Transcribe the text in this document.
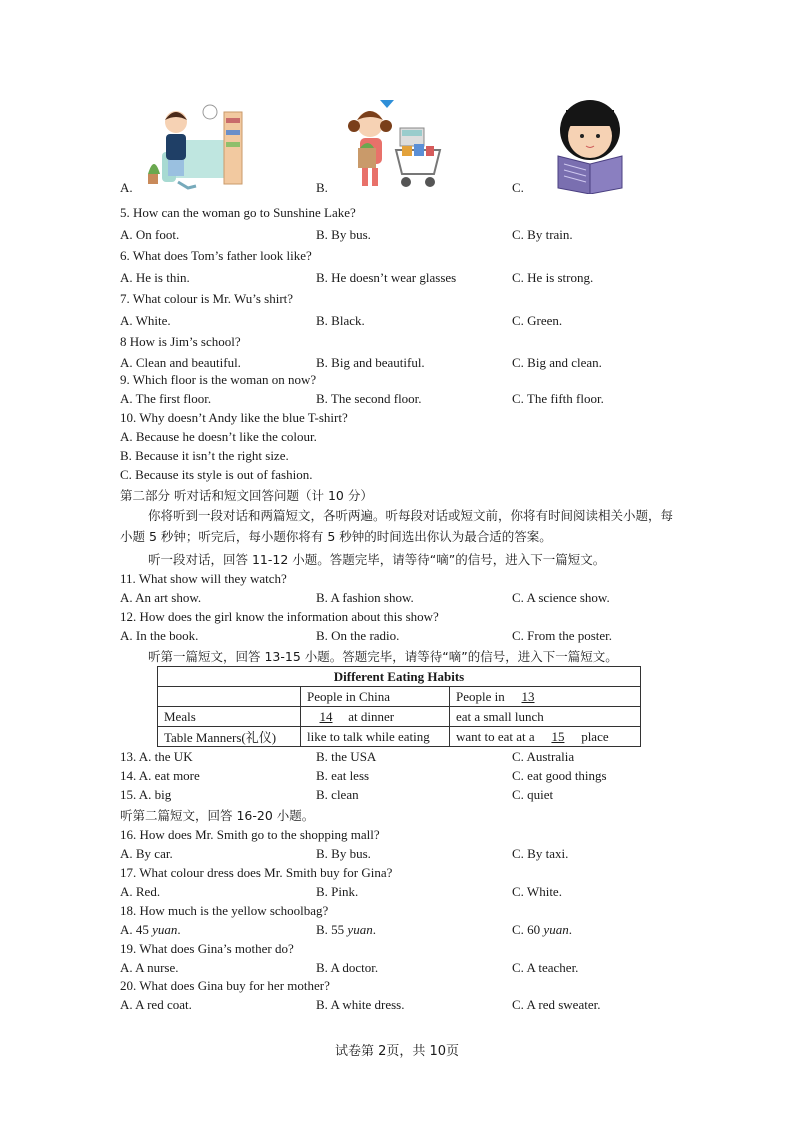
A.	B.	C.
5. How can the woman go to Sunshine Lake?
A. On foot.	B. By bus.	C. By train.
6. What does Tom’s father look like?
A. He is thin.	B. He doesn’t wear glasses	C. He is strong.
7. What colour is Mr. Wu’s shirt?
A. White.	B. Black.	C. Green.
8 How is Jim’s school?
A. Clean and beautiful.	B. Big and beautiful.	C. Big and clean.
9. Which floor is the woman on now?
A. The first floor.	B. The second floor.	C. The fifth floor.
10. Why doesn’t Andy like the blue T-shirt?
A. Because he doesn’t like the colour.
B. Because it isn’t the right size.
C. Because its style is out of fashion.
第二部分 听对话和短文回答问题（计 10 分）
你将听到一段对话和两篇短文，各听两遍。听每段对话或短文前，你将有时间阅读相关小题，每小题 5 秒钟；听完后，每小题你将有 5 秒钟的时间选出你认为最合适的答案。
听一段对话，回答 11-12 小题。答题完毕，请等待“嘀”的信号，进入下一篇短文。
11. What show will they watch?
A. An art show.	B. A fashion show.	C. A science show.
12. How does the girl know the information about this show?
A. In the book.	B. On the radio.	C. From the poster.
听第一篇短文，回答 13-15 小题。答题完毕，请等待“嘀”的信号，进入下一篇短文。
Different Eating Habits		
	People in China	People in 13
Meals	14 at dinner	eat a small lunch
Table Manners(礼仪)	like to talk while eating	want to eat at a 15 place
13. A. the UK	B. the USA	C. Australia
14. A. eat more	B. eat less	C. eat good things
15. A. big	B. clean	C. quiet
听第二篇短文，回答 16-20 小题。
16. How does Mr. Smith go to the shopping mall?
A. By car.	B. By bus.	C. By taxi.
17. What colour dress does Mr. Smith buy for Gina?
A. Red.	B. Pink.	C. White.
18. How much is the yellow schoolbag?
A. 45 yuan.	B. 55 yuan.	C. 60 yuan.
19. What does Gina’s mother do?
A. A nurse.	B. A doctor.	C. A teacher.
20. What does Gina buy for her mother?
A. A red coat.	B. A white dress.	C. A red sweater.
试卷第 2页，共 10页
